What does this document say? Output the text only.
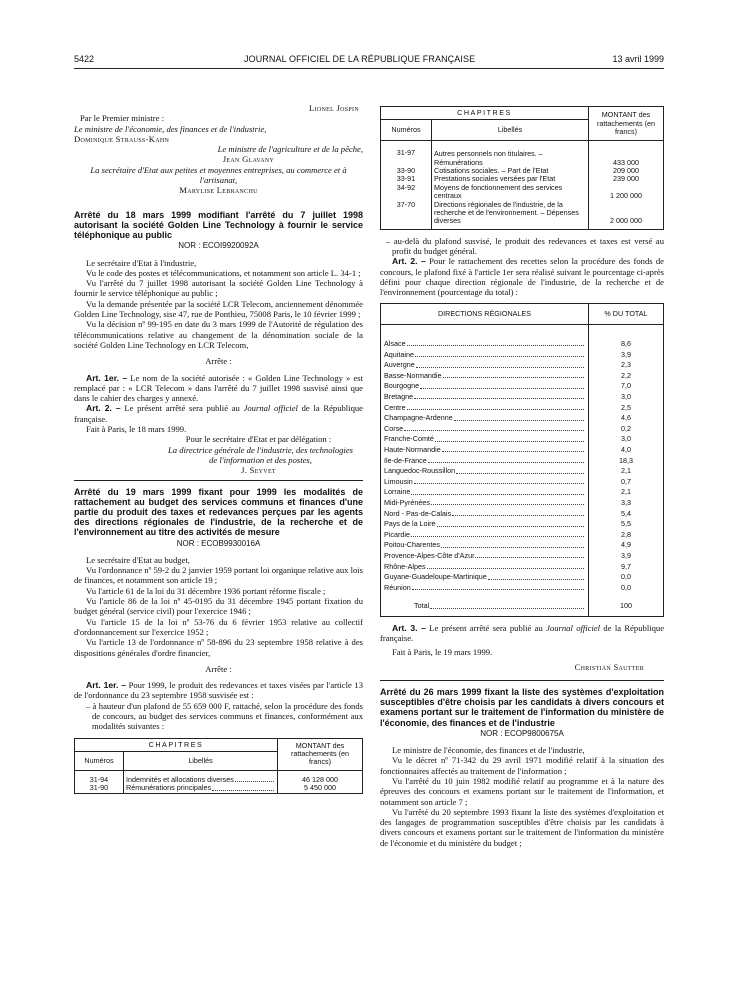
5422	JOURNAL OFFICIEL DE LA RÉPUBLIQUE FRANÇAISE	13 avril 1999

Lionel Jospin

Par le Premier ministre :

Le ministre de l'économie, des finances et de l'industrie,

Dominique Strauss-Kahn

Le ministre de l'agriculture et de la pêche,

Jean Glavany

La secrétaire d'Etat aux petites et moyennes entreprises, au commerce et à l'artisanat,

Marylise Lebranchu

Arrêté du 18 mars 1999 modifiant l'arrêté du 7 juillet 1998 autorisant la société Golden Line Technology à fournir le service téléphonique au public

NOR : ECOI9920092A

Le secrétaire d'Etat à l'industrie,

Vu le code des postes et télécommunications, et notamment son article L. 34-1 ;

Vu l'arrêté du 7 juillet 1998 autorisant la société Golden Line Technology à fournir le service téléphonique au public ;

Vu la demande présentée par la société LCR Telecom, anciennement dénommée Golden Line Technology, sise 47, rue de Ponthieu, 75008 Paris, le 10 février 1999 ;

Vu la décision nº 99-195 en date du 3 mars 1999 de l'Autorité de régulation des télécommunications relative au changement de la dénomination sociale de la société Golden Line Technology en LCR Telecom,

Arrête :

Art. 1er. – Le nom de la société autorisée : « Golden Line Technology » est remplacé par : « LCR Telecom » dans l'arrêté du 7 juillet 1998 susvisé ainsi que dans le cahier des charges y annexé.

Art. 2. – Le présent arrêté sera publié au Journal officiel de la République française.

Fait à Paris, le 18 mars 1999.

Pour le secrétaire d'Etat et par délégation :

La directrice générale de l'industrie, des technologies de l'information et des postes,

J. Seyvet

Arrêté du 19 mars 1999 fixant pour 1999 les modalités de rattachement au budget des services communs et finances d'une partie du produit des taxes et redevances perçues par les agents des directions régionales de l'industrie, de la recherche et de l'environnement au titre des activités de mesure

NOR : ECOB9930016A

Le secrétaire d'Etat au budget,

Vu l'ordonnance nº 59-2 du 2 janvier 1959 portant loi organique relative aux lois de finances, et notamment son article 19 ;

Vu l'article 61 de la loi du 31 décembre 1936 portant réforme fiscale ;

Vu l'article 86 de la loi nº 45-0195 du 31 décembre 1945 portant fixation du budget général (service civil) pour l'exercice 1946 ;

Vu l'article 15 de la loi nº 53-76 du 6 février 1953 relative au collectif d'ordonnancement sur l'exercice 1952 ;

Vu l'article 13 de l'ordonnance nº 58-896 du 23 septembre 1958 relative à des dispositions générales d'ordre financier,

Arrête :

Art. 1er. – Pour 1999, le produit des redevances et taxes visées par l'article 13 de l'ordonnance du 23 septembre 1958 susvisée est :

– à hauteur d'un plafond de 55 659 000 F, rattaché, selon la procédure des fonds de concours, au budget des services communs et finances, conformément aux modalités suivantes :

CHAPITRES		MONTANT des rattachements (en francs)
Numéros	Libellés	
31-94	Indemnités et allocations diverses	46 128 000
31-90	Rémunérations principales	5 450 000
CHAPITRES		MONTANT des rattachements (en francs)
Numéros	Libellés	
31-97	Autres personnels non titulaires. – Rémunérations	433 000
33-90	Cotisations sociales. – Part de l'Etat	209 000
33-91	Prestations sociales versées par l'Etat	239 000
34-92	Moyens de fonctionnement des services centraux	1 200 000
37-70	Directions régionales de l'industrie, de la recherche et de l'environnement. – Dépenses diverses	2 000 000

– au-delà du plafond susvisé, le produit des redevances et taxes est versé au profit du budget général.

Art. 2. – Pour le rattachement des recettes selon la procédure des fonds de concours, le plafond fixé à l'article 1er sera réalisé suivant le pourcentage ci-après défini pour chaque direction régionale de l'industrie, de la recherche et de l'environnement (pourcentage du total) :

DIRECTIONS RÉGIONALES	% DU TOTAL

Alsace	8,6

Aquitaine	3,9

Auvergne	2,3

Basse-Normandie	2,2

Bourgogne	7,0

Bretagne	3,0

Centre	2,5

Champagne-Ardenne	4,6

Corse	0,2

Franche-Comté	3,0

Haute-Normandie	4,0

Ile-de-France	18,3

Languedoc-Roussillon	2,1

Limousin	0,7

Lorraine	2,1

Midi-Pyrénées	3,3

Nord - Pas-de-Calais	5,4

Pays de la Loire	5,5

Picardie	2,8

Poitou-Charentes	4,9

Provence-Alpes-Côte d'Azur	3,9

Rhône-Alpes	9,7

Guyane-Guadeloupe-Martinique	0,0

Réunion	0,0

Total	100

Art. 3. – Le présent arrêté sera publié au Journal officiel de la République française.

Fait à Paris, le 19 mars 1999.

Christian Sautter

Arrêté du 26 mars 1999 fixant la liste des systèmes d'exploitation susceptibles d'être choisis par les candidats à divers concours et examens portant sur le traitement de l'information du ministère de l'économie, des finances et de l'industrie

NOR : ECOP9800675A

Le ministre de l'économie, des finances et de l'industrie,

Vu le décret nº 71-342 du 29 avril 1971 modifié relatif à la situation des fonctionnaires affectés au traitement de l'information ;

Vu l'arrêté du 10 juin 1982 modifié relatif au programme et à la nature des épreuves des concours et examens portant sur le traitement de l'information, et notamment son article 7 ;

Vu l'arrêté du 20 septembre 1993 fixant la liste des systèmes d'exploitation et des langages de programmation susceptibles d'être choisis par les candidats à divers concours et examens portant sur le traitement de l'information du ministère de l'économie et du ministère du budget ;
